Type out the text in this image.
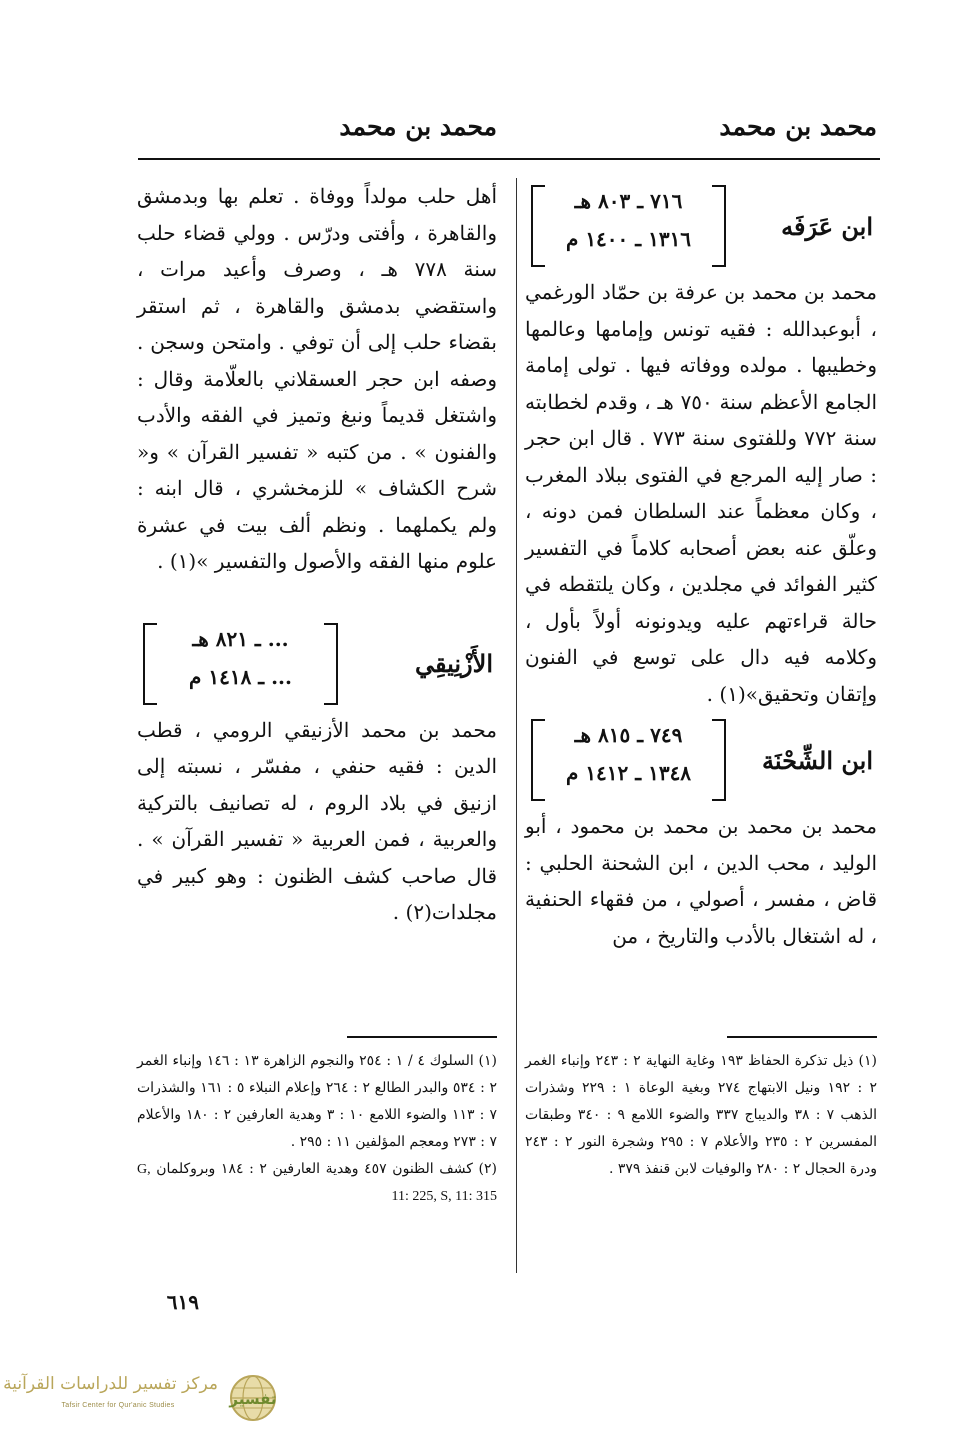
محمد بن محمد
محمد بن محمد
ابن عَرَفَه
٧١٦ ـ ٨٠٣ هـ
١٣١٦ ـ ١٤٠٠ م

محمد بن محمد بن عرفة بن حمّاد الورغمي ، أبوعبدالله : فقيه تونس وإمامها وعالمها وخطيبها . مولده ووفاته فيها . تولى إمامة الجامع الأعظم سنة ٧٥٠ هـ ، وقدم لخطابته سنة ٧٧٢ وللفتوى سنة ٧٧٣ . قال ابن حجر : صار إليه المرجع في الفتوى ببلاد المغرب ، وكان معظماً عند السلطان فمن دونه ، وعلّق عنه بعض أصحابه كلاماً في التفسير كثير الفوائد في مجلدين ، وكان يلتقطه في حالة قراءتهم عليه ويدونونه أولاً بأول ، وكلامه فيه دال على توسع في الفنون وإتقان وتحقيق»(١) .

ابن الشِّحْنَة
٧٤٩ ـ ٨١٥ هـ
١٣٤٨ ـ ١٤١٢ م

محمد بن محمد بن محمد بن محمود ، أبو الوليد ، محب الدين ، ابن الشحنة الحلبي : قاض ، مفسر ، أصولي ، من فقهاء الحنفية ، له اشتغال بالأدب والتاريخ ، من

أهل حلب مولداً ووفاة . تعلم بها وبدمشق والقاهرة ، وأفتى ودرّس . وولي قضاء حلب سنة ٧٧٨ هـ ، وصرف وأعيد مرات ، واستقضي بدمشق والقاهرة ، ثم استقر بقضاء حلب إلى أن توفي . وامتحن وسجن . وصفه ابن حجر العسقلاني بالعلّامة وقال : واشتغل قديماً ونبغ وتميز في الفقه والأدب والفنون » . من كتبه « تفسير القرآن » و« شرح الكشاف » للزمخشري ، قال ابنه : ولم يكملهما . ونظم ألف بيت في عشرة علوم منها الفقه والأصول والتفسير »(١) .

الأَزْنِيقِي
... ـ ٨٢١ هـ
... ـ ١٤١٨ م

محمد بن محمد الأزنيقي الرومي ، قطب الدين : فقيه حنفي ، مفسّر ، نسبته إلى ازنيق في بلاد الروم ، له تصانيف بالتركية والعربية ، فمن العربية « تفسير القرآن » . قال صاحب كشف الظنون : وهو كبير في مجلدات(٢) .

(١) ذيل تذكرة الحفاظ ١٩٣ وغاية النهاية ٢ : ٢٤٣ وإنباء الغمر ٢ : ١٩٢ ونيل الابتهاج ٢٧٤ وبغية الوعاة ١ : ٢٢٩ وشذرات الذهب ٧ : ٣٨ والديباج ٣٣٧ والضوء اللامع ٩ : ٣٤٠ وطبقات المفسرين ٢ : ٢٣٥ والأعلام ٧ : ٢٩٥ وشجرة النور ٢ : ٢٤٣ ودرة الحجال ٢ : ٢٨٠ والوفيات لابن قنفذ ٣٧٩ .
(١) السلوك ٤ / ١ : ٢٥٤ والنجوم الزاهرة ١٣ : ١٤٦ وإنباء الغمر ٢ : ٥٣٤ والبدر الطالع ٢ : ٢٦٤ وإعلام النبلاء ٥ : ١٦١ والشذرات ٧ : ١١٣ والضوء اللامع ١٠ : ٣ وهدية العارفين ٢ : ١٨٠ والأعلام ٧ : ٢٧٣ ومعجم المؤلفين ١١ : ٢٩٥ .
(٢) كشف الظنون ٤٥٧ وهدية العارفين ٢ : ١٨٤ وبروكلمان G, 11: 225, S, 11: 315
٦١٩
مركز تفسير للدراسات القرآنية
Tafsir Center for Qur'anic Studies	تفسير
